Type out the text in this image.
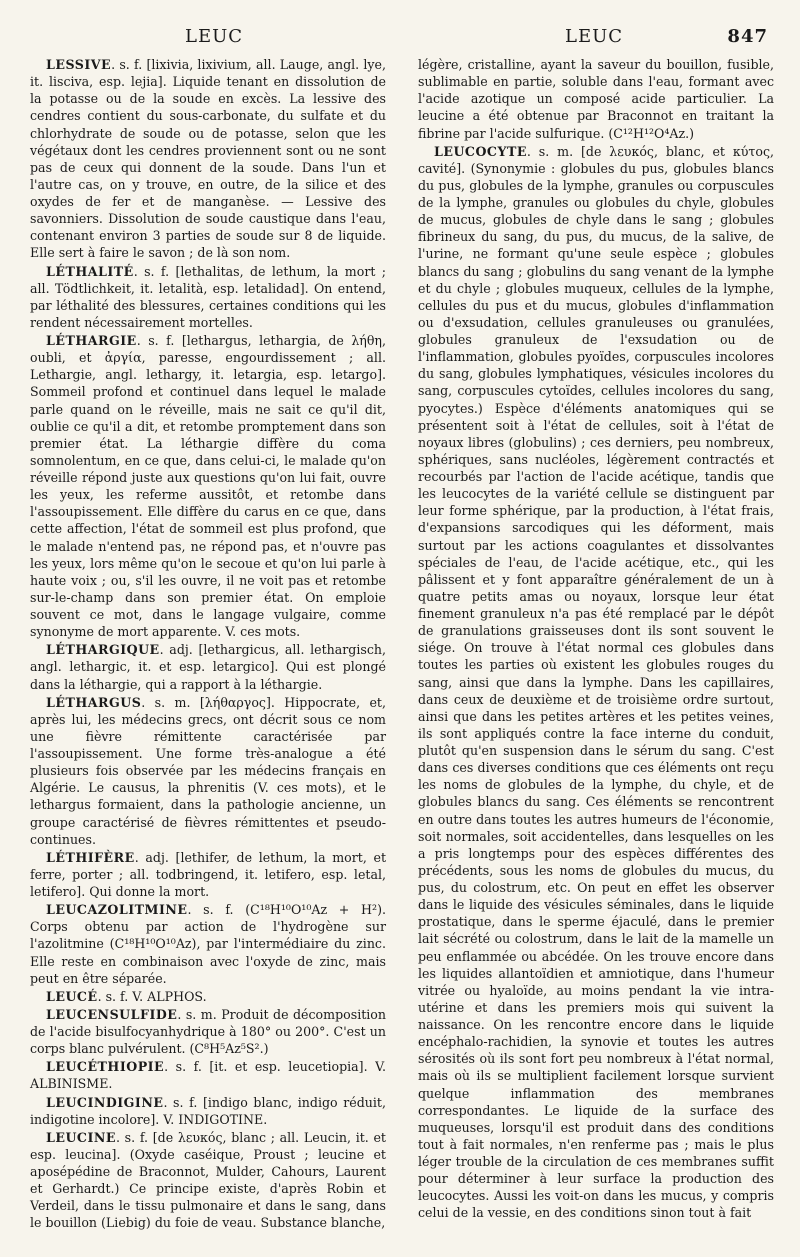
LEUC	LEUC	847

LESSIVE. s. f. [lixivia, lixivium, all. Lauge, angl. lye, it. lisciva, esp. lejia]. Liquide tenant en dissolution de la potasse ou de la soude en excès. La lessive des cendres contient du sous-carbonate, du sulfate et du chlorhydrate de soude ou de potasse, selon que les végétaux dont les cendres proviennent sont ou ne sont pas de ceux qui donnent de la soude. Dans l'un et l'autre cas, on y trouve, en outre, de la silice et des oxydes de fer et de manganèse. — Lessive des savonniers. Dissolution de soude caustique dans l'eau, contenant environ 3 parties de soude sur 8 de liquide. Elle sert à faire le savon ; de là son nom.

LÉTHALITÉ. s. f. [lethalitas, de lethum, la mort ; all. Tödtlichkeit, it. letalità, esp. letalidad]. On entend, par léthalité des blessures, certaines conditions qui les rendent nécessairement mortelles.

LÉTHARGIE. s. f. [lethargus, lethargia, de λήθη, oubli, et ἀργία, paresse, engourdissement ; all. Lethargie, angl. lethargy, it. letargia, esp. letargo]. Sommeil profond et continuel dans lequel le malade parle quand on le réveille, mais ne sait ce qu'il dit, oublie ce qu'il a dit, et retombe promptement dans son premier état. La léthargie diffère du coma somnolentum, en ce que, dans celui-ci, le malade qu'on réveille répond juste aux questions qu'on lui fait, ouvre les yeux, les referme aussitôt, et retombe dans l'assoupissement. Elle diffère du carus en ce que, dans cette affection, l'état de sommeil est plus profond, que le malade n'entend pas, ne répond pas, et n'ouvre pas les yeux, lors même qu'on le secoue et qu'on lui parle à haute voix ; ou, s'il les ouvre, il ne voit pas et retombe sur-le-champ dans son premier état. On emploie souvent ce mot, dans le langage vulgaire, comme synonyme de mort apparente. V. ces mots.

LÉTHARGIQUE. adj. [lethargicus, all. lethargisch, angl. lethargic, it. et esp. letargico]. Qui est plongé dans la léthargie, qui a rapport à la léthargie.

LÉTHARGUS. s. m. [λήθαργος]. Hippocrate, et, après lui, les médecins grecs, ont décrit sous ce nom une fièvre rémittente caractérisée par l'assoupissement. Une forme très-analogue a été plusieurs fois observée par les médecins français en Algérie. Le causus, la phrenitis (V. ces mots), et le lethargus formaient, dans la pathologie ancienne, un groupe caractérisé de fièvres rémittentes et pseudo-continues.

LÉTHIFÈRE. adj. [lethifer, de lethum, la mort, et ferre, porter ; all. todbringend, it. letifero, esp. letal, letifero]. Qui donne la mort.

LEUCAZOLITMINE. s. f. (C¹⁸H¹⁰O¹⁰Az + H²). Corps obtenu par action de l'hydrogène sur l'azolitmine (C¹⁸H¹⁰O¹⁰Az), par l'intermédiaire du zinc. Elle reste en combinaison avec l'oxyde de zinc, mais peut en être séparée.

LEUCÉ. s. f. V. ALPHOS.

LEUCENSULFIDE. s. m. Produit de décomposition de l'acide bisulfocyanhydrique à 180° ou 200°. C'est un corps blanc pulvérulent. (C⁸H⁵Az⁵S².)

LEUCÉTHIOPIE. s. f. [it. et esp. leucetiopia]. V. ALBINISME.

LEUCINDIGINE. s. f. [indigo blanc, indigo réduit, indigotine incolore]. V. INDIGOTINE.

LEUCINE. s. f. [de λευκός, blanc ; all. Leucin, it. et esp. leucina]. (Oxyde caséique, Proust ; leucine et aposépédine de Braconnot, Mulder, Cahours, Laurent et Gerhardt.) Ce principe existe, d'après Robin et Verdeil, dans le tissu pulmonaire et dans le sang, dans le bouillon (Liebig) du foie de veau. Substance blanche,

légère, cristalline, ayant la saveur du bouillon, fusible, sublimable en partie, soluble dans l'eau, formant avec l'acide azotique un composé acide particulier. La leucine a été obtenue par Braconnot en traitant la fibrine par l'acide sulfurique. (C¹²H¹²O⁴Az.)

LEUCOCYTE. s. m. [de λευκός, blanc, et κύτος, cavité]. (Synonymie : globules du pus, globules blancs du pus, globules de la lymphe, granules ou corpuscules de la lymphe, granules ou globules du chyle, globules de mucus, globules de chyle dans le sang ; globules fibrineux du sang, du pus, du mucus, de la salive, de l'urine, ne formant qu'une seule espèce ; globules blancs du sang ; globulins du sang venant de la lymphe et du chyle ; globules muqueux, cellules de la lymphe, cellules du pus et du mucus, globules d'inflammation ou d'exsudation, cellules granuleuses ou granulées, globules granuleux de l'exsudation ou de l'inflammation, globules pyoïdes, corpuscules incolores du sang, globules lymphatiques, vésicules incolores du sang, corpuscules cytoïdes, cellules incolores du sang, pyocytes.) Espèce d'éléments anatomiques qui se présentent soit à l'état de cellules, soit à l'état de noyaux libres (globulins) ; ces derniers, peu nombreux, sphériques, sans nucléoles, légèrement contractés et recourbés par l'action de l'acide acétique, tandis que les leucocytes de la variété cellule se distinguent par leur forme sphérique, par la production, à l'état frais, d'expansions sarcodiques qui les déforment, mais surtout par les actions coagulantes et dissolvantes spéciales de l'eau, de l'acide acétique, etc., qui les pâlissent et y font apparaître généralement de un à quatre petits amas ou noyaux, lorsque leur état finement granuleux n'a pas été remplacé par le dépôt de granulations graisseuses dont ils sont souvent le siége. On trouve à l'état normal ces globules dans toutes les parties où existent les globules rouges du sang, ainsi que dans la lymphe. Dans les capillaires, dans ceux de deuxième et de troisième ordre surtout, ainsi que dans les petites artères et les petites veines, ils sont appliqués contre la face interne du conduit, plutôt qu'en suspension dans le sérum du sang. C'est dans ces diverses conditions que ces éléments ont reçu les noms de globules de la lymphe, du chyle, et de globules blancs du sang. Ces éléments se rencontrent en outre dans toutes les autres humeurs de l'économie, soit normales, soit accidentelles, dans lesquelles on les a pris longtemps pour des espèces différentes des précédents, sous les noms de globules du mucus, du pus, du colostrum, etc. On peut en effet les observer dans le liquide des vésicules séminales, dans le liquide prostatique, dans le sperme éjaculé, dans le premier lait sécrété ou colostrum, dans le lait de la mamelle un peu enflammée ou abcédée. On les trouve encore dans les liquides allantoïdien et amniotique, dans l'humeur vitrée ou hyaloïde, au moins pendant la vie intra-utérine et dans les premiers mois qui suivent la naissance. On les rencontre encore dans le liquide encéphalo-rachidien, la synovie et toutes les autres sérosités où ils sont fort peu nombreux à l'état normal, mais où ils se multiplient facilement lorsque survient quelque inflammation des membranes correspondantes. Le liquide de la surface des muqueuses, lorsqu'il est produit dans des conditions tout à fait normales, n'en renferme pas ; mais le plus léger trouble de la circulation de ces membranes suffit pour déterminer à leur surface la production des leucocytes. Aussi les voit-on dans les mucus, y compris celui de la vessie, en des conditions sinon tout à fait
